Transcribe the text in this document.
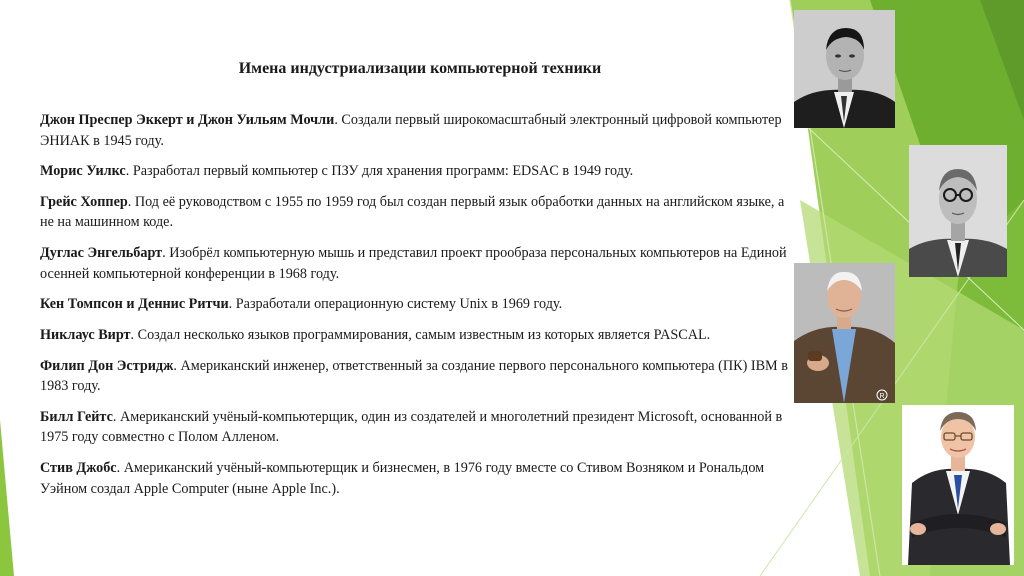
Имена индустриализации компьютерной техники

Джон Преспер Эккерт и Джон Уильям Мочли. Создали первый широкомасштабный электронный цифровой компьютер ЭНИАК в 1945 году.

Морис Уилкс. Разработал первый компьютер с ПЗУ для хранения программ: EDSAC в 1949 году.

Грейс Хоппер. Под её руководством с 1955 по 1959 год был создан первый язык обработки данных на английском языке, а не на машинном коде.

Дуглас Энгельбарт. Изобрёл компьютерную мышь и представил проект прообраза персональных компьютеров на Единой осенней компьютерной конференции в 1968 году.

Кен Томпсон и Деннис Ритчи. Разработали операционную систему Unix в 1969 году.

Никлаус Вирт. Создал несколько языков программирования, самым известным из которых является PASCAL.

Филип Дон Эстридж. Американский инженер, ответственный за создание первого персонального компьютера (ПК) IBM в 1983 году.

Билл Гейтс. Американский учёный-компьютерщик, один из создателей и многолетний президент Microsoft, основанной в 1975 году совместно с Полом Алленом.

Стив Джобс. Американский учёный-компьютерщик и бизнесмен, в 1976 году вместе со Стивом Возняком и Рональдом Уэйном создал Apple Computer (ныне Apple Inc.).

R
